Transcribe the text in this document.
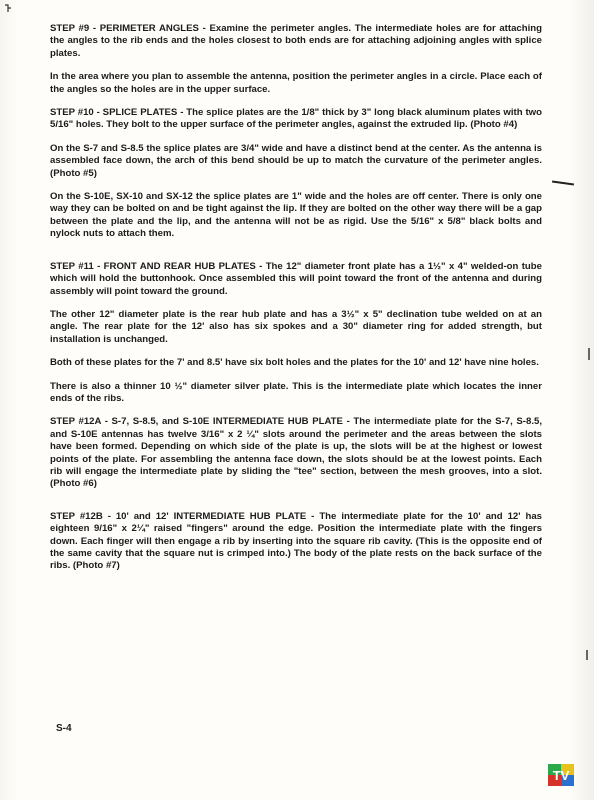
STEP #9 - PERIMETER ANGLES - Examine the perimeter angles. The intermediate holes are for attaching the angles to the rib ends and the holes closest to both ends are for attaching adjoining angles with splice plates.

In the area where you plan to assemble the antenna, position the perimeter angles in a circle. Place each of the angles so the holes are in the upper surface.

STEP #10 - SPLICE PLATES - The splice plates are the 1/8" thick by 3" long black aluminum plates with two 5/16" holes. They bolt to the upper surface of the perimeter angles, against the extruded lip. (Photo #4)

On the S-7 and S-8.5 the splice plates are 3/4" wide and have a distinct bend at the center. As the antenna is assembled face down, the arch of this bend should be up to match the curvature of the perimeter angles. (Photo #5)

On the S-10E, SX-10 and SX-12 the splice plates are 1" wide and the holes are off center. There is only one way they can be bolted on and be tight against the lip. If they are bolted on the other way there will be a gap between the plate and the lip, and the antenna will not be as rigid. Use the 5/16" x 5/8" black bolts and nylock nuts to attach them.

STEP #11 - FRONT AND REAR HUB PLATES - The 12" diameter front plate has a 1½" x 4" welded-on tube which will hold the buttonhook. Once assembled this will point toward the front of the antenna and during assembly will point toward the ground.

The other 12" diameter plate is the rear hub plate and has a 3½" x 5" declination tube welded on at an angle. The rear plate for the 12' also has six spokes and a 30" diameter ring for added strength, but installation is unchanged.

Both of these plates for the 7' and 8.5' have six bolt holes and the plates for the 10' and 12' have nine holes.

There is also a thinner 10 ½" diameter silver plate. This is the intermediate plate which locates the inner ends of the ribs.

STEP #12A - S-7, S-8.5, and S-10E INTERMEDIATE HUB PLATE - The intermediate plate for the S-7, S-8.5, and S-10E antennas has twelve 3/16" x 2 ¼" slots around the perimeter and the areas between the slots have been formed. Depending on which side of the plate is up, the slots will be at the highest or lowest points of the plate. For assembling the antenna face down, the slots should be at the lowest points. Each rib will engage the intermediate plate by sliding the "tee" section, between the mesh grooves, into a slot. (Photo #6)

STEP #12B - 10' and 12' INTERMEDIATE HUB PLATE - The intermediate plate for the 10' and 12' has eighteen 9/16" x 2¼" raised "fingers" around the edge. Position the intermediate plate with the fingers down. Each finger will then engage a rib by inserting into the square rib cavity. (This is the opposite end of the same cavity that the square nut is crimped into.) The body of the plate rests on the back surface of the ribs. (Photo #7)

S-4
TV
